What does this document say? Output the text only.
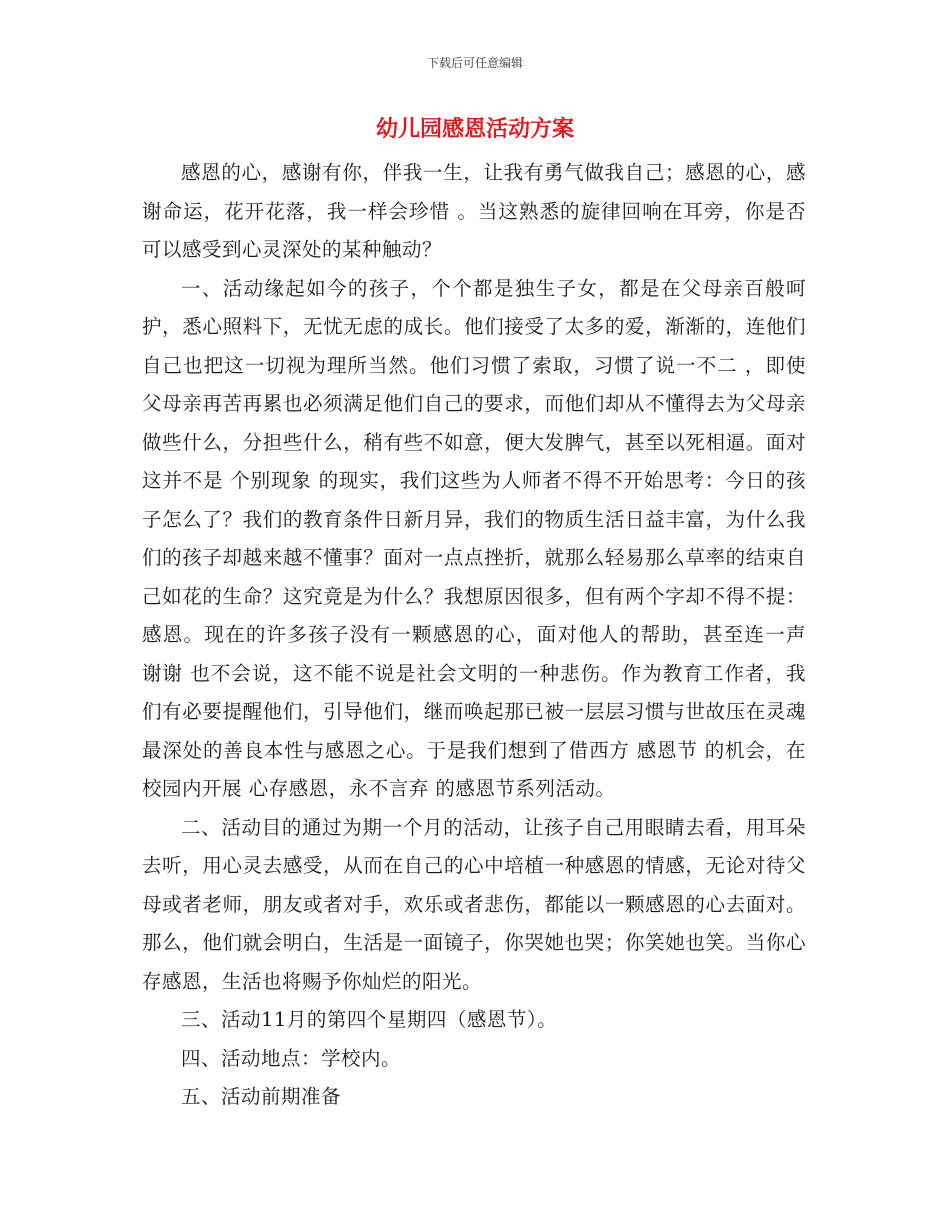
下载后可任意编辑
幼儿园感恩活动方案

感恩的心，感谢有你，伴我一生，让我有勇气做我自己；感恩的心，感谢命运，花开花落，我一样会珍惜 。当这熟悉的旋律回响在耳旁，你是否可以感受到心灵深处的某种触动？

一、活动缘起如今的孩子，个个都是独生子女，都是在父母亲百般呵护，悉心照料下，无忧无虑的成长。他们接受了太多的爱，渐渐的，连他们自己也把这一切视为理所当然。他们习惯了索取，习惯了说一不二 ，即使父母亲再苦再累也必须满足他们自己的要求，而他们却从不懂得去为父母亲做些什么，分担些什么，稍有些不如意，便大发脾气，甚至以死相逼。面对这并不是 个别现象 的现实，我们这些为人师者不得不开始思考：今日的孩子怎么了？我们的教育条件日新月异，我们的物质生活日益丰富，为什么我们的孩子却越来越不懂事？面对一点点挫折，就那么轻易那么草率的结束自己如花的生命？这究竟是为什么？我想原因很多，但有两个字却不得不提：感恩。现在的许多孩子没有一颗感恩的心，面对他人的帮助，甚至连一声 谢谢 也不会说，这不能不说是社会文明的一种悲伤。作为教育工作者，我们有必要提醒他们，引导他们，继而唤起那已被一层层习惯与世故压在灵魂最深处的善良本性与感恩之心。于是我们想到了借西方 感恩节 的机会，在校园内开展 心存感恩，永不言弃 的感恩节系列活动。

二、活动目的通过为期一个月的活动，让孩子自己用眼睛去看，用耳朵去听，用心灵去感受，从而在自己的心中培植一种感恩的情感，无论对待父母或者老师，朋友或者对手，欢乐或者悲伤，都能以一颗感恩的心去面对。那么，他们就会明白，生活是一面镜子，你哭她也哭；你笑她也笑。当你心存感恩，生活也将赐予你灿烂的阳光。

三、活动11月的第四个星期四（感恩节）。

四、活动地点：学校内。

五、活动前期准备
